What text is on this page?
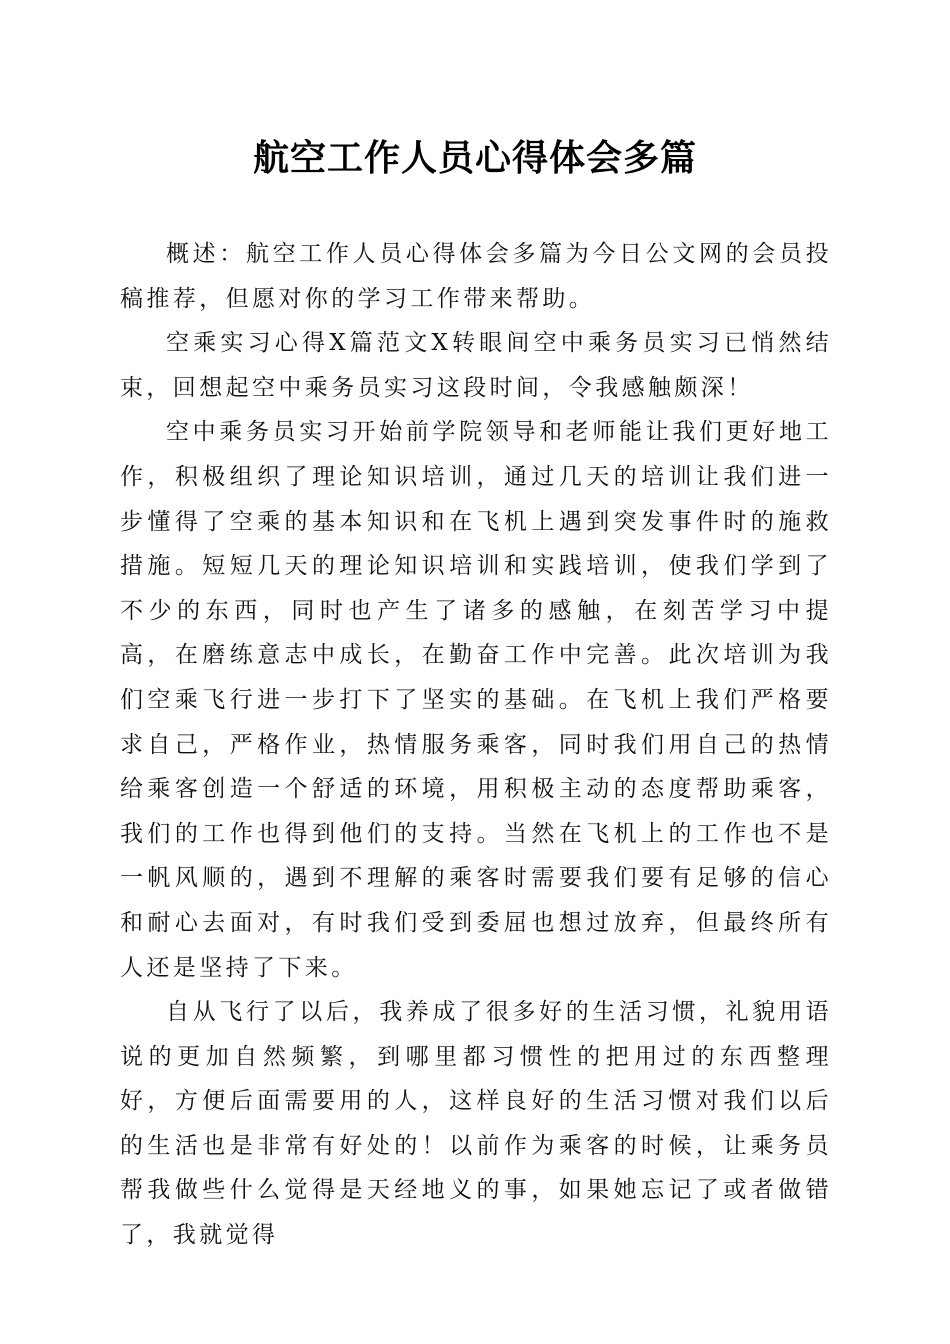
航空工作人员心得体会多篇

概述：航空工作人员心得体会多篇为今日公文网的会员投稿推荐，但愿对你的学习工作带来帮助。

空乘实习心得X篇范文X转眼间空中乘务员实习已悄然结束，回想起空中乘务员实习这段时间，令我感触颇深！

空中乘务员实习开始前学院领导和老师能让我们更好地工作，积极组织了理论知识培训，通过几天的培训让我们进一步懂得了空乘的基本知识和在飞机上遇到突发事件时的施救措施。短短几天的理论知识培训和实践培训，使我们学到了不少的东西，同时也产生了诸多的感触，在刻苦学习中提高，在磨练意志中成长，在勤奋工作中完善。此次培训为我们空乘飞行进一步打下了坚实的基础。在飞机上我们严格要求自己，严格作业，热情服务乘客，同时我们用自己的热情给乘客创造一个舒适的环境，用积极主动的态度帮助乘客，我们的工作也得到他们的支持。当然在飞机上的工作也不是一帆风顺的，遇到不理解的乘客时需要我们要有足够的信心和耐心去面对，有时我们受到委屈也想过放弃，但最终所有人还是坚持了下来。

自从飞行了以后，我养成了很多好的生活习惯，礼貌用语说的更加自然频繁，到哪里都习惯性的把用过的东西整理好，方便后面需要用的人，这样良好的生活习惯对我们以后的生活也是非常有好处的！以前作为乘客的时候，让乘务员帮我做些什么觉得是天经地义的事，如果她忘记了或者做错了，我就觉得
